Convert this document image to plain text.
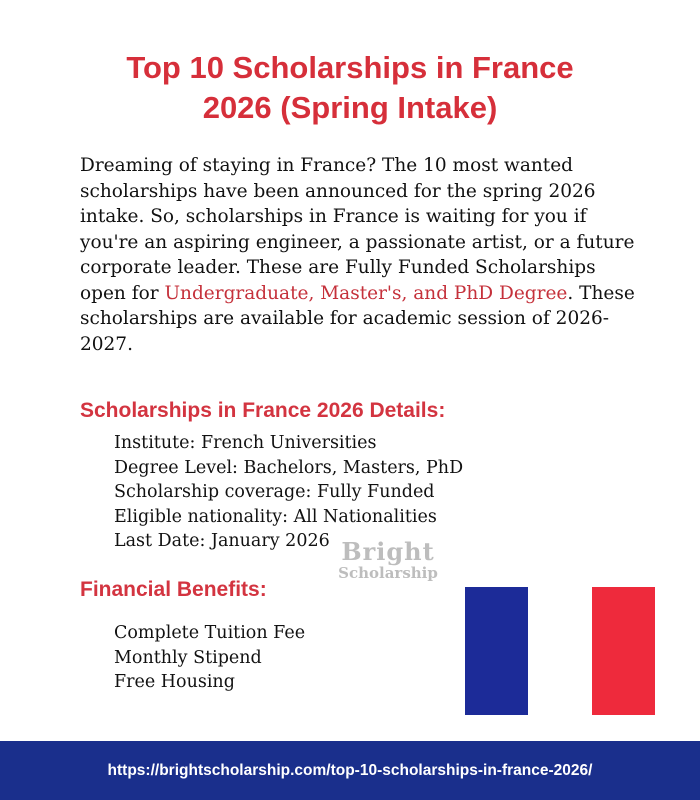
Top 10 Scholarships in France
2026 (Spring Intake)

Dreaming of staying in France? The 10 most wanted scholarships have been announced for the spring 2026 intake. So, scholarships in France is waiting for you if you're an aspiring engineer, a passionate artist, or a future corporate leader. These are Fully Funded Scholarships open for Undergraduate, Master's, and PhD Degree. These scholarships are available for academic session of 2026-2027.

Scholarships in France 2026 Details:
Institute: French Universities
Degree Level: Bachelors, Masters, PhD
Scholarship coverage: Fully Funded
Eligible nationality: All Nationalities
Last Date: January 2026 Bright
Scholarship
Financial Benefits:
Complete Tuition Fee
Monthly Stipend
Free Housing
https://brightscholarship.com/top-10-scholarships-in-france-2026/
